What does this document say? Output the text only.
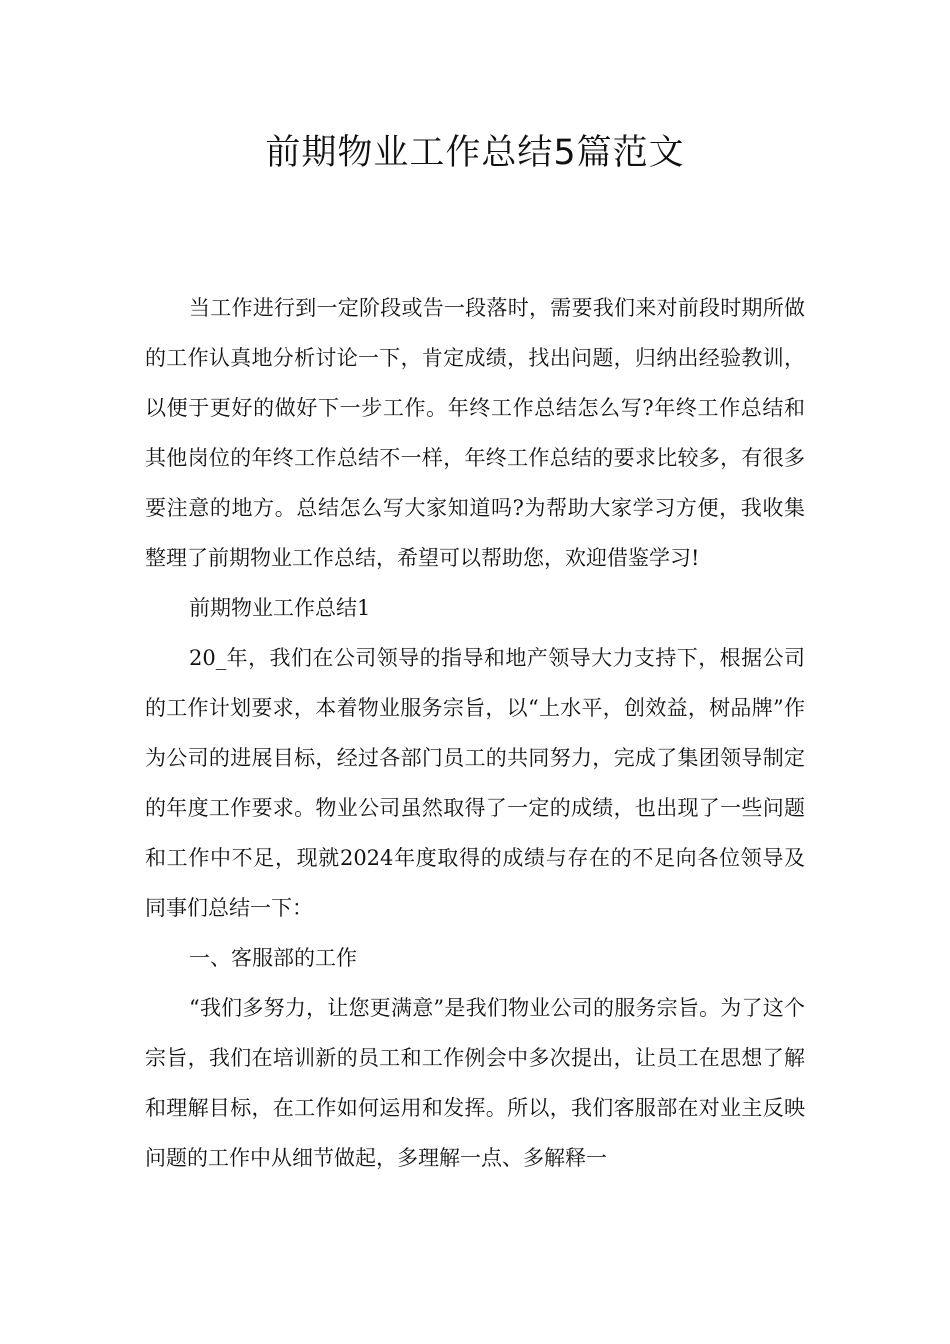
前期物业工作总结5篇范文

当工作进行到一定阶段或告一段落时，需要我们来对前段时期所做的工作认真地分析讨论一下，肯定成绩，找出问题，归纳出经验教训，以便于更好的做好下一步工作。年终工作总结怎么写?年终工作总结和其他岗位的年终工作总结不一样，年终工作总结的要求比较多，有很多要注意的地方。总结怎么写大家知道吗?为帮助大家学习方便，我收集整理了前期物业工作总结，希望可以帮助您，欢迎借鉴学习!

前期物业工作总结1

20_年，我们在公司领导的指导和地产领导大力支持下，根据公司的工作计划要求，本着物业服务宗旨，以“上水平，创效益，树品牌”作为公司的进展目标，经过各部门员工的共同努力，完成了集团领导制定的年度工作要求。物业公司虽然取得了一定的成绩，也出现了一些问题和工作中不足，现就2024年度取得的成绩与存在的不足向各位领导及同事们总结一下：

一、客服部的工作

“我们多努力，让您更满意”是我们物业公司的服务宗旨。为了这个宗旨，我们在培训新的员工和工作例会中多次提出，让员工在思想了解和理解目标，在工作如何运用和发挥。所以，我们客服部在对业主反映问题的工作中从细节做起，多理解一点、多解释一
